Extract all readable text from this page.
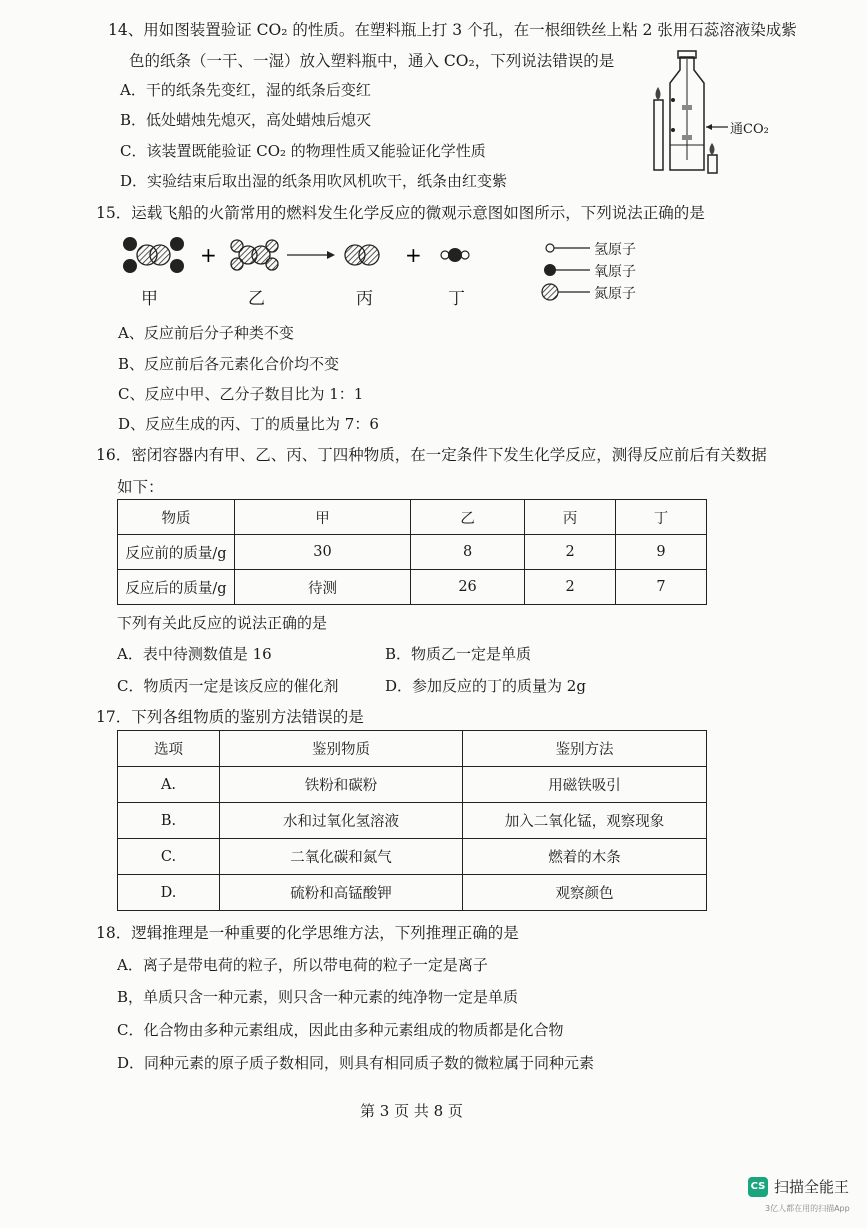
14、用如图装置验证 CO₂ 的性质。在塑料瓶上打 3 个孔，在一根细铁丝上粘 2 张用石蕊溶液染成紫
色的纸条（一干、一湿）放入塑料瓶中，通入 CO₂，下列说法错误的是
A．干的纸条先变红，湿的纸条后变红
B．低处蜡烛先熄灭，高处蜡烛后熄灭
C．该装置既能验证 CO₂ 的物理性质又能验证化学性质
D．实验结束后取出湿的纸条用吹风机吹干，纸条由红变紫
通CO₂
15．运载飞船的火箭常用的燃料发生化学反应的微观示意图如图所示，下列说法正确的是
+	+
甲	乙	丙	丁
氢原子
氧原子
氮原子
A、反应前后分子种类不变
B、反应前后各元素化合价均不变
C、反应中甲、乙分子数目比为 1：1
D、反应生成的丙、丁的质量比为 7：6
16．密闭容器内有甲、乙、丙、丁四种物质，在一定条件下发生化学反应，测得反应前后有关数据
如下：
物质	甲	乙	丙	丁
反应前的质量/g	30	8	2	9
反应后的质量/g	待测	26	2	7
下列有关此反应的说法正确的是
A．表中待测数值是 16	B．物质乙一定是单质
C．物质丙一定是该反应的催化剂	D．参加反应的丁的质量为 2g
17．下列各组物质的鉴别方法错误的是
选项	鉴别物质	鉴别方法
A.	铁粉和碳粉	用磁铁吸引
B.	水和过氧化氢溶液	加入二氧化锰，观察现象
C.	二氧化碳和氮气	燃着的木条
D.	硫粉和高锰酸钾	观察颜色
18．逻辑推理是一种重要的化学思维方法，下列推理正确的是
A．离子是带电荷的粒子，所以带电荷的粒子一定是离子
B，单质只含一种元素，则只含一种元素的纯净物一定是单质
C．化合物由多种元素组成，因此由多种元素组成的物质都是化合物
D．同种元素的原子质子数相同，则具有相同质子数的微粒属于同种元素
第 3 页 共 8 页
CS 扫描全能王
3亿人都在用的扫描App
